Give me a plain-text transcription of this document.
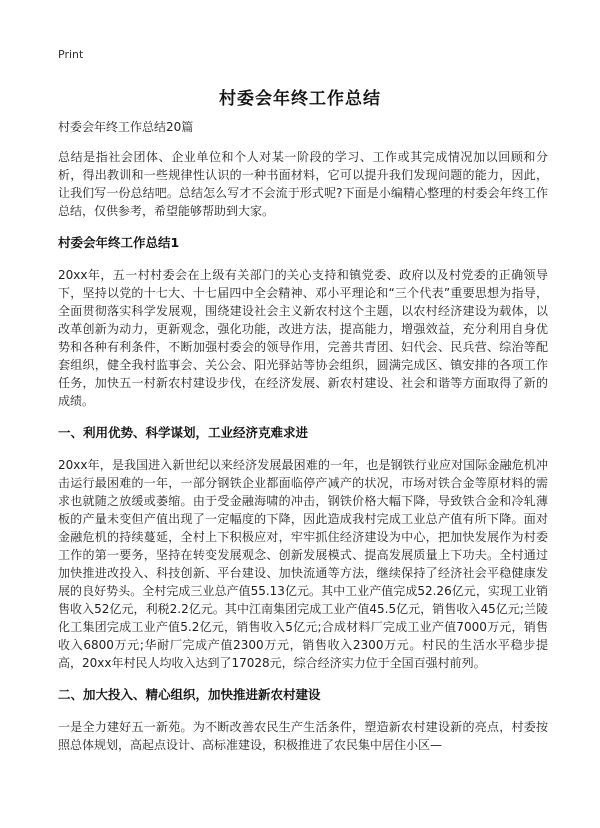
Print
村委会年终工作总结

村委会年终工作总结20篇

总结是指社会团体、企业单位和个人对某一阶段的学习、工作或其完成情况加以回顾和分析，得出教训和一些规律性认识的一种书面材料，它可以提升我们发现问题的能力，因此，让我们写一份总结吧。总结怎么写才不会流于形式呢?下面是小编精心整理的村委会年终工作总结，仅供参考，希望能够帮助到大家。

村委会年终工作总结1

20xx年，五一村村委会在上级有关部门的关心支持和镇党委、政府以及村党委的正确领导下，坚持以党的十七大、十七届四中全会精神、邓小平理论和“三个代表”重要思想为指导，全面贯彻落实科学发展观，围绕建设社会主义新农村这个主题，以农村经济建设为载体，以改革创新为动力，更新观念，强化功能，改进方法，提高能力，增强效益，充分利用自身优势和各种有利条件，不断加强村委会的领导作用，完善共青团、妇代会、民兵营、综治等配套组织，健全我村监事会、关公会、阳光驿站等协会组织，圆满完成区、镇安排的各项工作任务，加快五一村新农村建设步伐，在经济发展、新农村建设、社会和谐等方面取得了新的成绩。

一、利用优势、科学谋划，工业经济克难求进

20xx年，是我国进入新世纪以来经济发展最困难的一年，也是钢铁行业应对国际金融危机冲击运行最困难的一年，一部分钢铁企业都面临停产减产的状况，市场对铁合金等原材料的需求也就随之放缓或萎缩。由于受金融海啸的冲击，钢铁价格大幅下降，导致铁合金和冷轧薄板的产量未变但产值出现了一定幅度的下降，因此造成我村完成工业总产值有所下降。面对金融危机的持续蔓延，全村上下积极应对，牢牢抓住经济建设为中心，把加快发展作为村委工作的第一要务，坚持在转变发展观念、创新发展模式、提高发展质量上下功夫。全村通过加快推进改投入、科技创新、平台建设、加快流通等方法，继续保持了经济社会平稳健康发展的良好势头。全村完成三业总产值55.13亿元。其中工业产值完成52.26亿元，实现工业销售收入52亿元，利税2.2亿元。其中江南集团完成工业产值45.5亿元，销售收入45亿元;兰陵化工集团完成工业产值5.2亿元，销售收入5亿元;合成材料厂完成工业产值7000万元，销售收入6800万元;华耐厂完成产值2300万元，销售收入2300万元。村民的生活水平稳步提高，20xx年村民人均收入达到了17028元，综合经济实力位于全国百强村前列。

二、加大投入、精心组织，加快推进新农村建设

一是全力建好五一新苑。为不断改善农民生产生活条件，塑造新农村建设新的亮点，村委按照总体规划，高起点设计、高标准建设，积极推进了农民集中居住小区—
